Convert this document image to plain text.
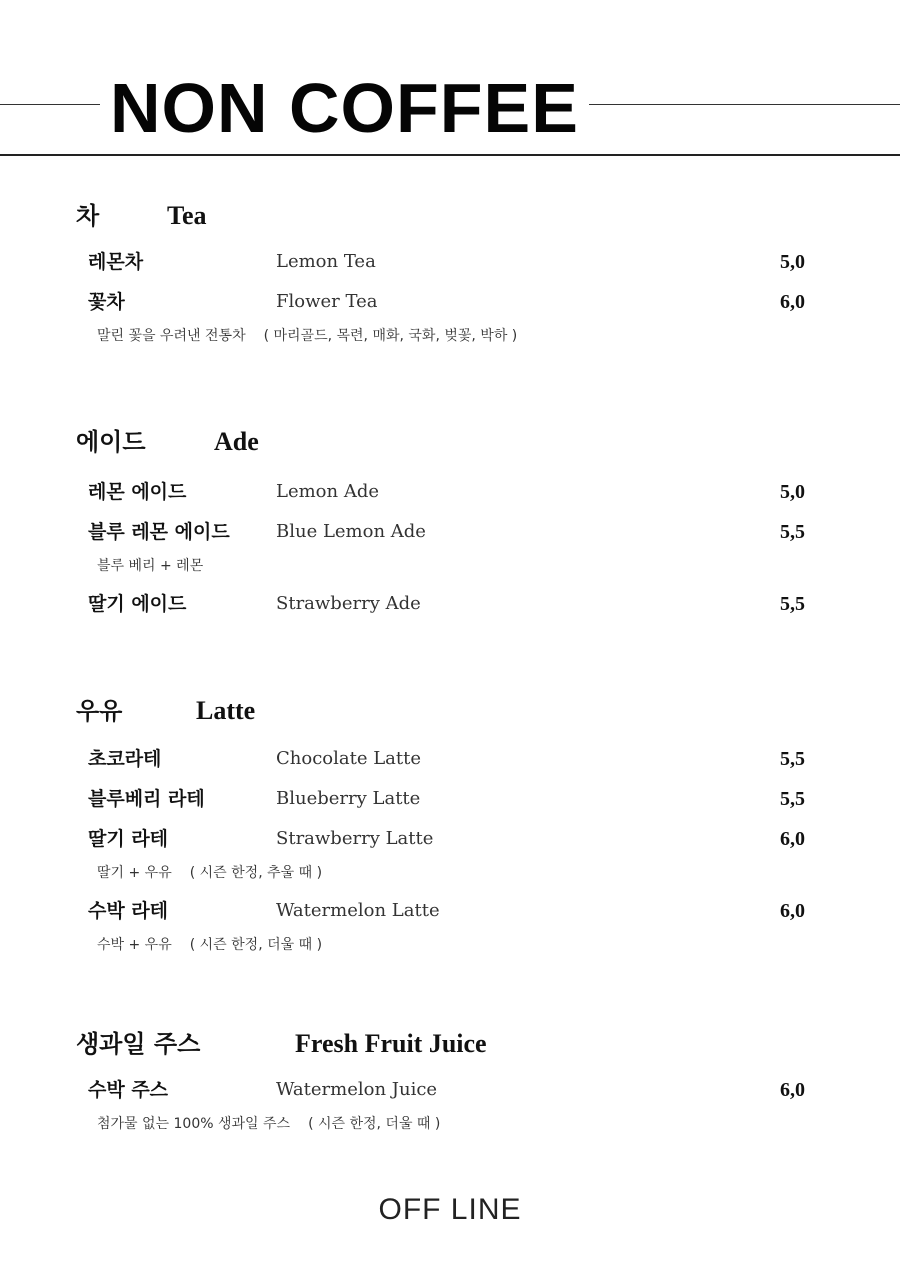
NON COFFEE
차	Tea
레몬차	Lemon Tea	5,0
꽃차	Flower Tea	6,0
말린 꽃을 우려낸 전통차 ( 마리골드, 목련, 매화, 국화, 벚꽃, 박하 )
에이드	Ade
레몬 에이드	Lemon Ade	5,0
블루 레몬 에이드	Blue Lemon Ade	5,5
블루 베리 + 레몬
딸기 에이드	Strawberry Ade	5,5
우유	Latte
초코라테	Chocolate Latte	5,5
블루베리 라테	Blueberry Latte	5,5
딸기 라테	Strawberry Latte	6,0
딸기 + 우유 ( 시즌 한정, 추울 때 )
수박 라테	Watermelon Latte	6,0
수박 + 우유 ( 시즌 한정, 더울 때 )
생과일 주스	Fresh Fruit Juice
수박 주스	Watermelon Juice	6,0
첨가물 없는 100% 생과일 주스 ( 시즌 한정, 더울 때 )
OFF LINE
